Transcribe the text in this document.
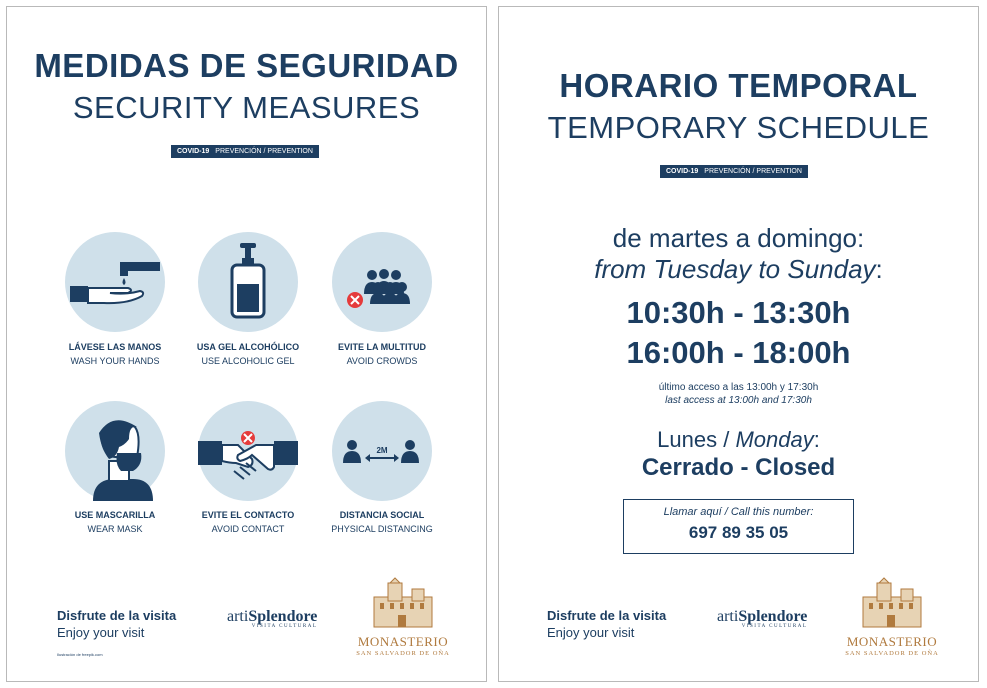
MEDIDAS DE SEGURIDAD
SECURITY MEASURES
COVID-19 PREVENCIÓN / PREVENTION
LÁVESE LAS MANOS
WASH YOUR HANDS
USA GEL ALCOHÓLICO
USE ALCOHOLIC GEL
EVITE LA MULTITUD
AVOID CROWDS
2M
USE MASCARILLA
WEAR MASK
EVITE EL CONTACTO
AVOID CONTACT
DISTANCIA SOCIAL
PHYSICAL DISTANCING
Disfrute de la visita
Enjoy your visit
Ilustración de freepik.com
artiSplendore
VISITA CULTURAL
MONASTERIO
SAN SALVADOR DE OÑA
HORARIO TEMPORAL
TEMPORARY SCHEDULE
COVID-19 PREVENCIÓN / PREVENTION
de martes a domingo:
from Tuesday to Sunday:
10:30h - 13:30h
16:00h - 18:00h
último acceso a las 13:00h y 17:30h
last access at 13:00h and 17:30h
Lunes / Monday:
Cerrado - Closed
Llamar aquí / Call this number:
697 89 35 05
Disfrute de la visita
Enjoy your visit
artiSplendore
VISITA CULTURAL
MONASTERIO
SAN SALVADOR DE OÑA
